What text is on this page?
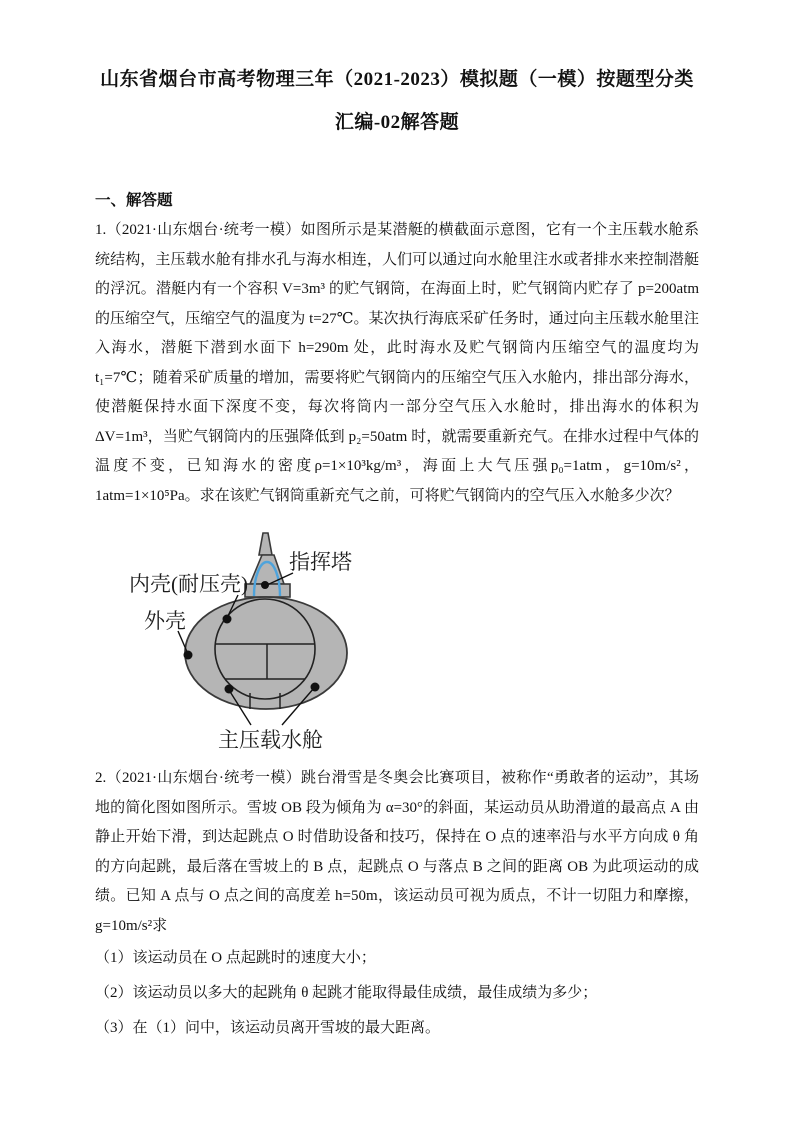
山东省烟台市高考物理三年（2021-2023）模拟题（一模）按题型分类汇编-02解答题
一、解答题

1.（2021·山东烟台·统考一模）如图所示是某潜艇的横截面示意图，它有一个主压载水舱系统结构，主压载水舱有排水孔与海水相连，人们可以通过向水舱里注水或者排水来控制潜艇的浮沉。潜艇内有一个容积 V=3m³ 的贮气钢筒，在海面上时，贮气钢筒内贮存了 p=200atm 的压缩空气，压缩空气的温度为 t=27℃。某次执行海底采矿任务时，通过向主压载水舱里注入海水，潜艇下潜到水面下 h=290m 处，此时海水及贮气钢筒内压缩空气的温度均为 t₁=7℃；随着采矿质量的增加，需要将贮气钢筒内的压缩空气压入水舱内，排出部分海水，使潜艇保持水面下深度不变，每次将筒内一部分空气压入水舱时，排出海水的体积为ΔV=1m³，当贮气钢筒内的压强降低到 p₂=50atm 时，就需要重新充气。在排水过程中气体的温度不变，已知海水的密度ρ=1×10³kg/m³，海面上大气压强p₀=1atm，g=10m/s²，1atm=1×10⁵Pa。求在该贮气钢筒重新充气之前，可将贮气钢筒内的空气压入水舱多少次？

指挥塔
内壳(耐压壳)
外壳
主压载水舱

2.（2021·山东烟台·统考一模）跳台滑雪是冬奥会比赛项目，被称作“勇敢者的运动”，其场地的简化图如图所示。雪坡 OB 段为倾角为 α=30°的斜面，某运动员从助滑道的最高点 A 由静止开始下滑，到达起跳点 O 时借助设备和技巧，保持在 O 点的速率沿与水平方向成 θ 角的方向起跳，最后落在雪坡上的 B 点，起跳点 O 与落点 B 之间的距离 OB 为此项运动的成绩。已知 A 点与 O 点之间的高度差 h=50m，该运动员可视为质点，不计一切阻力和摩擦， g=10m/s²求

（1）该运动员在 O 点起跳时的速度大小；

（2）该运动员以多大的起跳角 θ 起跳才能取得最佳成绩，最佳成绩为多少；

（3）在（1）问中，该运动员离开雪坡的最大距离。
